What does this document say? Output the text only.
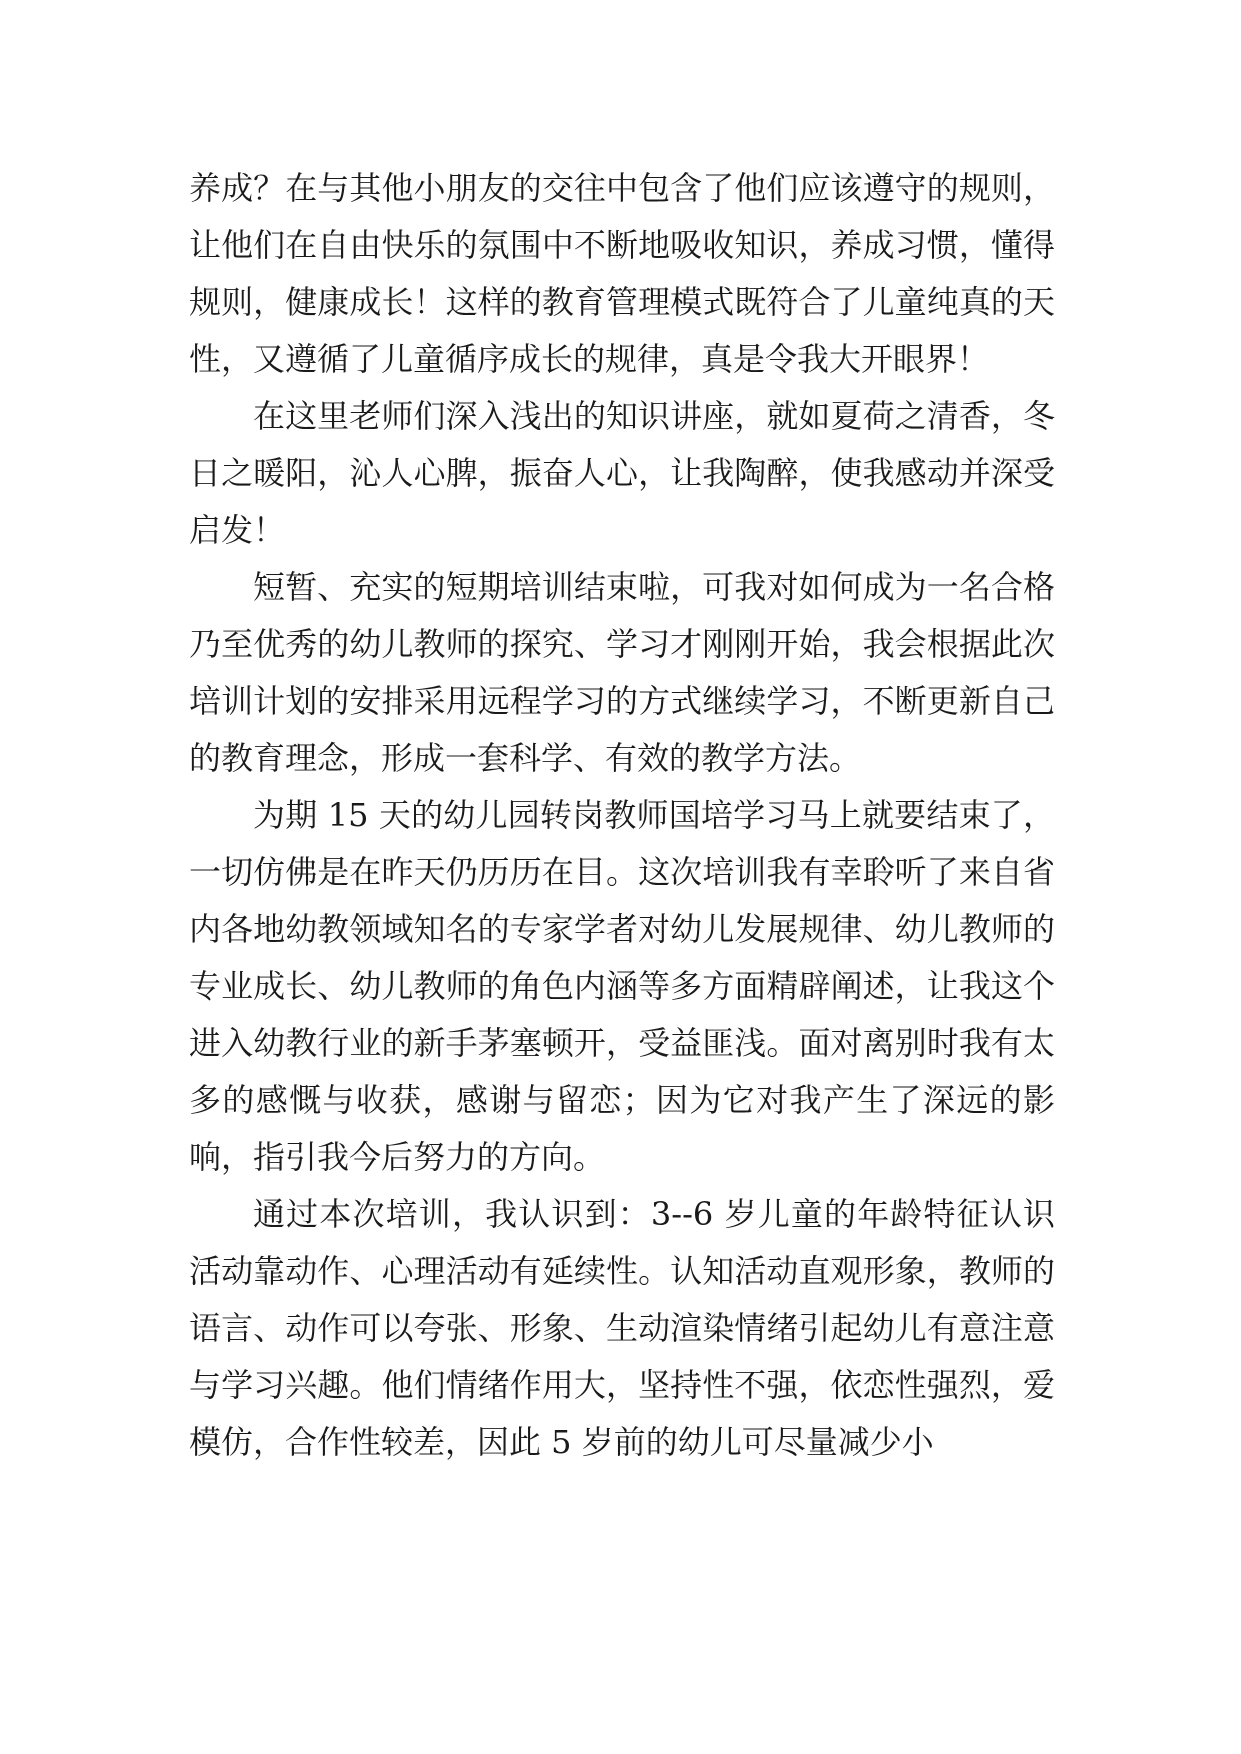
养成？在与其他小朋友的交往中包含了他们应该遵守的规则，让他们在自由快乐的氛围中不断地吸收知识，养成习惯，懂得规则，健康成长！这样的教育管理模式既符合了儿童纯真的天性，又遵循了儿童循序成长的规律，真是令我大开眼界！

在这里老师们深入浅出的知识讲座，就如夏荷之清香，冬日之暖阳，沁人心脾，振奋人心，让我陶醉，使我感动并深受启发！

短暂、充实的短期培训结束啦，可我对如何成为一名合格乃至优秀的幼儿教师的探究、学习才刚刚开始，我会根据此次培训计划的安排采用远程学习的方式继续学习，不断更新自己的教育理念，形成一套科学、有效的教学方法。

为期 15 天的幼儿园转岗教师国培学习马上就要结束了，一切仿佛是在昨天仍历历在目。这次培训我有幸聆听了来自省内各地幼教领域知名的专家学者对幼儿发展规律、幼儿教师的专业成长、幼儿教师的角色内涵等多方面精辟阐述，让我这个进入幼教行业的新手茅塞顿开，受益匪浅。面对离别时我有太多的感慨与收获，感谢与留恋；因为它对我产生了深远的影响，指引我今后努力的方向。

通过本次培训，我认识到：3--6 岁儿童的年龄特征认识活动靠动作、心理活动有延续性。认知活动直观形象，教师的语言、动作可以夸张、形象、生动渲染情绪引起幼儿有意注意与学习兴趣。他们情绪作用大，坚持性不强，依恋性强烈，爱模仿，合作性较差，因此 5 岁前的幼儿可尽量减少小
